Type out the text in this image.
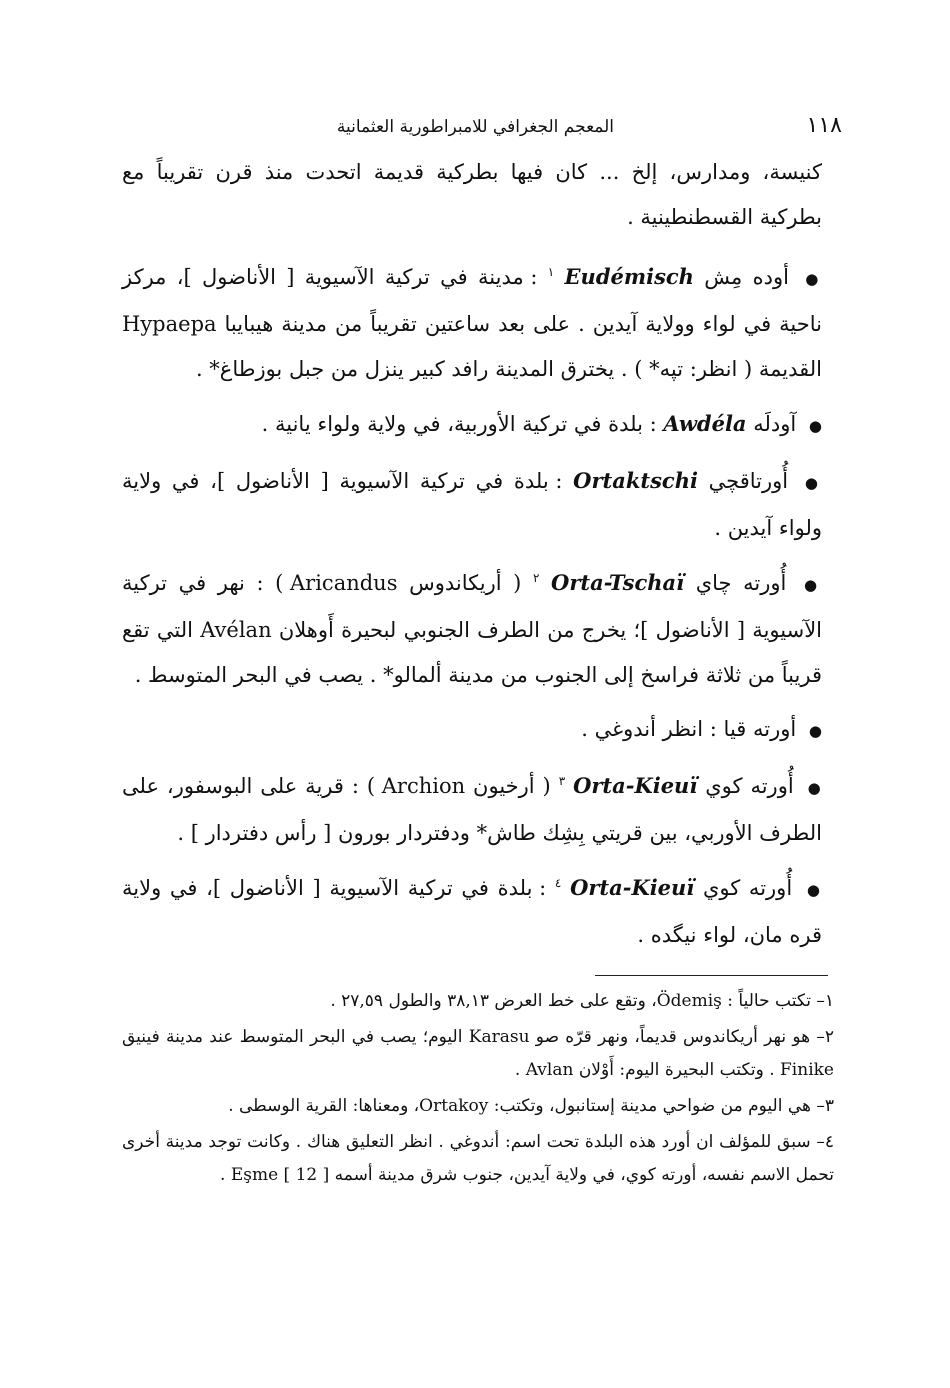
١١٨
المعجم الجغرافي للامبراطورية العثمانية

كنيسة، ومدارس، إلخ ... كان فيها بطركية قديمة اتحدت منذ قرن تقريباً مع بطركية القسطنطينية .

● أوده مِش Eudémisch $^١$ : مدينة في تركية الآسيوية [ الأناضول ]، مركز ناحية في لواء وولاية آيدين . على بعد ساعتين تقريباً من مدينة هيبايبا Hypaepa القديمة ( انظر: تپه* ) . يخترق المدينة رافد كبير ينزل من جبل بوزطاغ* .

● آودلَه Awdéla : بلدة في تركية الأوربية، في ولاية ولواء يانية .

● أُورتاقچي Ortaktschi : بلدة في تركية الآسيوية [ الأناضول ]، في ولاية ولواء آيدين .

● أُورته چاي Orta-Tschaï $^٢$ ( أريكاندوس Aricandus ) : نهر في تركية الآسيوية [ الأناضول ]؛ يخرج من الطرف الجنوبي لبحيرة أَوهلان Avélan التي تقع قريباً من ثلاثة فراسخ إلى الجنوب من مدينة ألمالو* . يصب في البحر المتوسط .

● أورته قيا : انظر أندوغي .

● أُورته كوي Orta-Kieuï $^٣$ ( أرخيون Archion ) : قرية على البوسفور، على الطرف الأوربي، بين قريتي بِشِك طاش* ودفتردار بورون [ رأس دفتردار ] .

● أُورته كوي Orta-Kieuï $^٤$ : بلدة في تركية الآسيوية [ الأناضول ]، في ولاية قره مان، لواء نيگده .

١– تكتب حالياً : Ödemiş، وتقع على خط العرض ٣٨,١٣ والطول ٢٧,٥٩ .

٢– هو نهر أريكاندوس قديماً، ونهر قرّه صو Karasu اليوم؛ يصب في البحر المتوسط عند مدينة فينيق Finike . وتكتب البحيرة اليوم: أَوْلان Avlan .

٣– هي اليوم من ضواحي مدينة إستانبول، وتكتب: Ortakoy، ومعناها: القرية الوسطى .

٤– سبق للمؤلف ان أورد هذه البلدة تحت اسم: أندوغي . انظر التعليق هناك . وكانت توجد مدينة أخرى تحمل الاسم نفسه، أورته كوي، في ولاية آيدين، جنوب شرق مدينة أسمه Eşme [ 12 ] .
